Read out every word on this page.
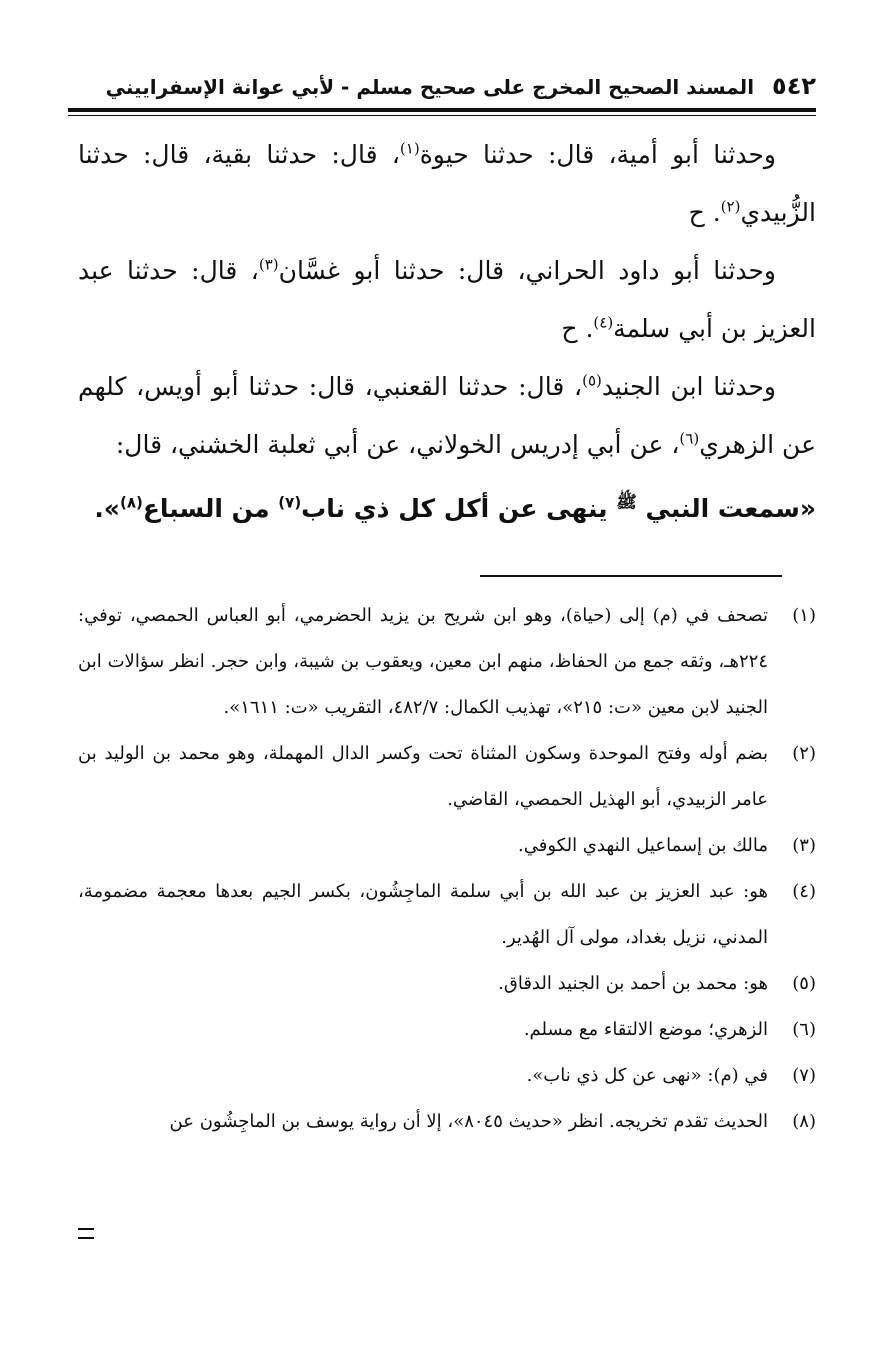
٥٤٢
المسند الصحيح المخرج على صحيح مسلم - لأبي عوانة الإسفراييني

وحدثنا أبو أمية، قال: حدثنا حيوة$^{(١)}$، قال: حدثنا بقية، قال: حدثنا الزُّبيدي$^{(٢)}$. ح

وحدثنا أبو داود الحراني، قال: حدثنا أبو غسَّان$^{(٣)}$، قال: حدثنا عبد العزيز بن أبي سلمة$^{(٤)}$. ح

وحدثنا ابن الجنيد$^{(٥)}$، قال: حدثنا القعنبي، قال: حدثنا أبو أويس، كلهم عن الزهري$^{(٦)}$، عن أبي إدريس الخولاني، عن أبي ثعلبة الخشني، قال:
«سمعت النبي $^ﷺ$ ينهى عن أكل كل ذي ناب$^{(٧)}$ من السباع$^{(٨)}$».

(١)
تصحف في (م) إلى (حياة)، وهو ابن شريح بن يزيد الحضرمي، أبو العباس الحمصي، توفي: ٢٢٤هـ، وثقه جمع من الحفاظ، منهم ابن معين، ويعقوب بن شيبة، وابن حجر. انظر سؤالات ابن الجنيد لابن معين «ت: ٢١٥»، تهذيب الكمال: ٤٨٢/٧، التقريب «ت: ١٦١١».
(٢)
بضم أوله وفتح الموحدة وسكون المثناة تحت وكسر الدال المهملة، وهو محمد بن الوليد بن عامر الزبيدي، أبو الهذيل الحمصي، القاضي.
(٣)
مالك بن إسماعيل النهدي الكوفي.
(٤)
هو: عبد العزيز بن عبد الله بن أبي سلمة الماجِشُون، بكسر الجيم بعدها معجمة مضمومة، المدني، نزيل بغداد، مولى آل الهُدير.
(٥)
هو: محمد بن أحمد بن الجنيد الدقاق.
(٦)
الزهري؛ موضع الالتقاء مع مسلم.
(٧)
في (م): «نهى عن كل ذي ناب».
(٨)
الحديث تقدم تخريجه. انظر «حديث ٨٠٤٥»، إلا أن رواية يوسف بن الماجِشُون عن
